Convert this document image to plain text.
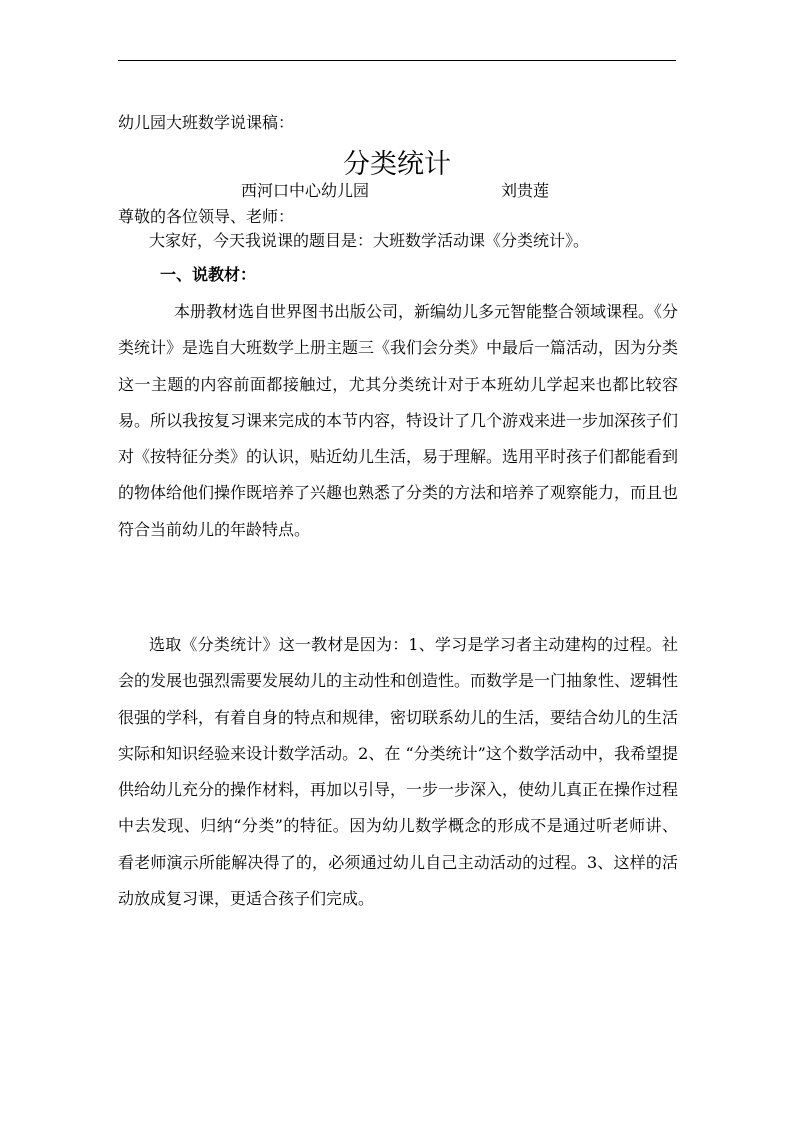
幼儿园大班数学说课稿：
分类统计
西河口中心幼儿园	刘贵莲
尊敬的各位领导、老师：
大家好，今天我说课的题目是：大班数学活动课《分类统计》。
一、说教材：
本册教材选自世界图书出版公司，新编幼儿多元智能整合领域课程。《分类统计》是选自大班数学上册主题三《我们会分类》中最后一篇活动，因为分类这一主题的内容前面都接触过，尤其分类统计对于本班幼儿学起来也都比较容易。所以我按复习课来完成的本节内容，特设计了几个游戏来进一步加深孩子们对《按特征分类》的认识，贴近幼儿生活，易于理解。选用平时孩子们都能看到的物体给他们操作既培养了兴趣也熟悉了分类的方法和培养了观察能力，而且也符合当前幼儿的年龄特点。
选取《分类统计》这一教材是因为：1、学习是学习者主动建构的过程。社会的发展也强烈需要发展幼儿的主动性和创造性。而数学是一门抽象性、逻辑性很强的学科，有着自身的特点和规律，密切联系幼儿的生活，要结合幼儿的生活实际和知识经验来设计数学活动。2、在 “分类统计”这个数学活动中，我希望提供给幼儿充分的操作材料，再加以引导，一步一步深入，使幼儿真正在操作过程中去发现、归纳“分类”的特征。因为幼儿数学概念的形成不是通过听老师讲、看老师演示所能解决得了的，必须通过幼儿自己主动活动的过程。3、这样的活动放成复习课，更适合孩子们完成。
